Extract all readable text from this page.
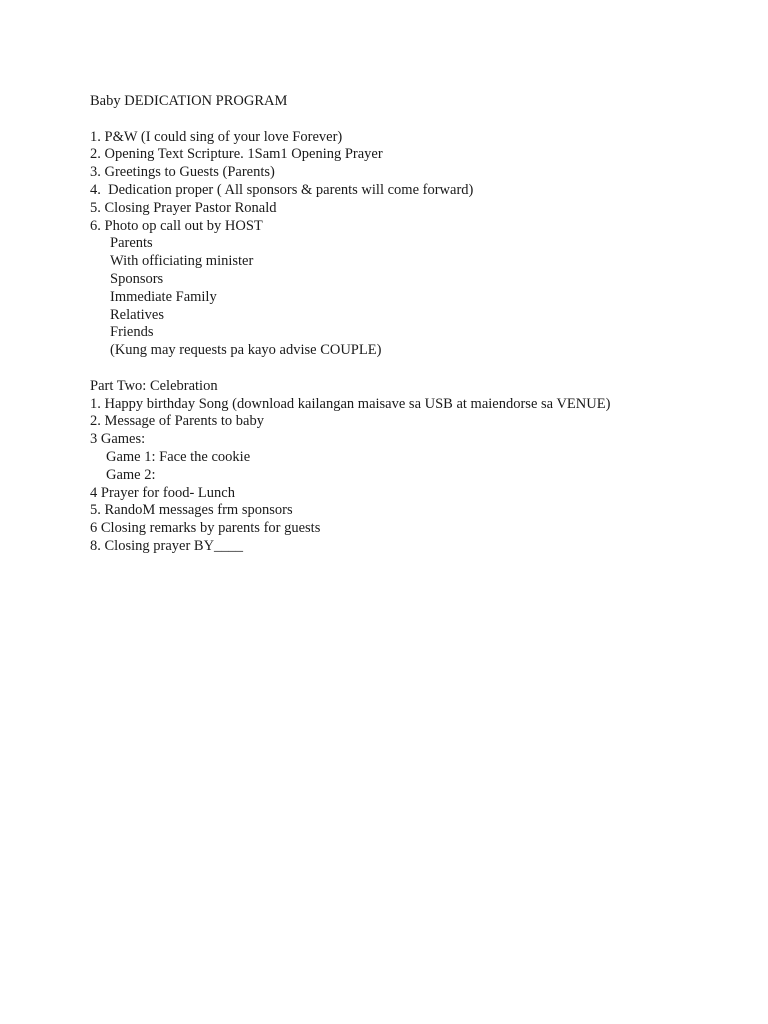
Baby DEDICATION PROGRAM
1. P&W (I could sing of your love Forever)
2. Opening Text Scripture. 1Sam1 Opening Prayer
3. Greetings to Guests (Parents)
4.  Dedication proper ( All sponsors & parents will come forward)
5. Closing Prayer Pastor Ronald
6. Photo op call out by HOST
Parents
With officiating minister
Sponsors
Immediate Family
Relatives
Friends
(Kung may requests pa kayo advise COUPLE)
Part Two: Celebration
1. Happy birthday Song (download kailangan maisave sa USB at maiendorse sa VENUE)
2. Message of Parents to baby
3 Games:
Game 1: Face the cookie
Game 2:
4 Prayer for food- Lunch
5. RandoM messages frm sponsors
6 Closing remarks by parents for guests
8. Closing prayer BY____
